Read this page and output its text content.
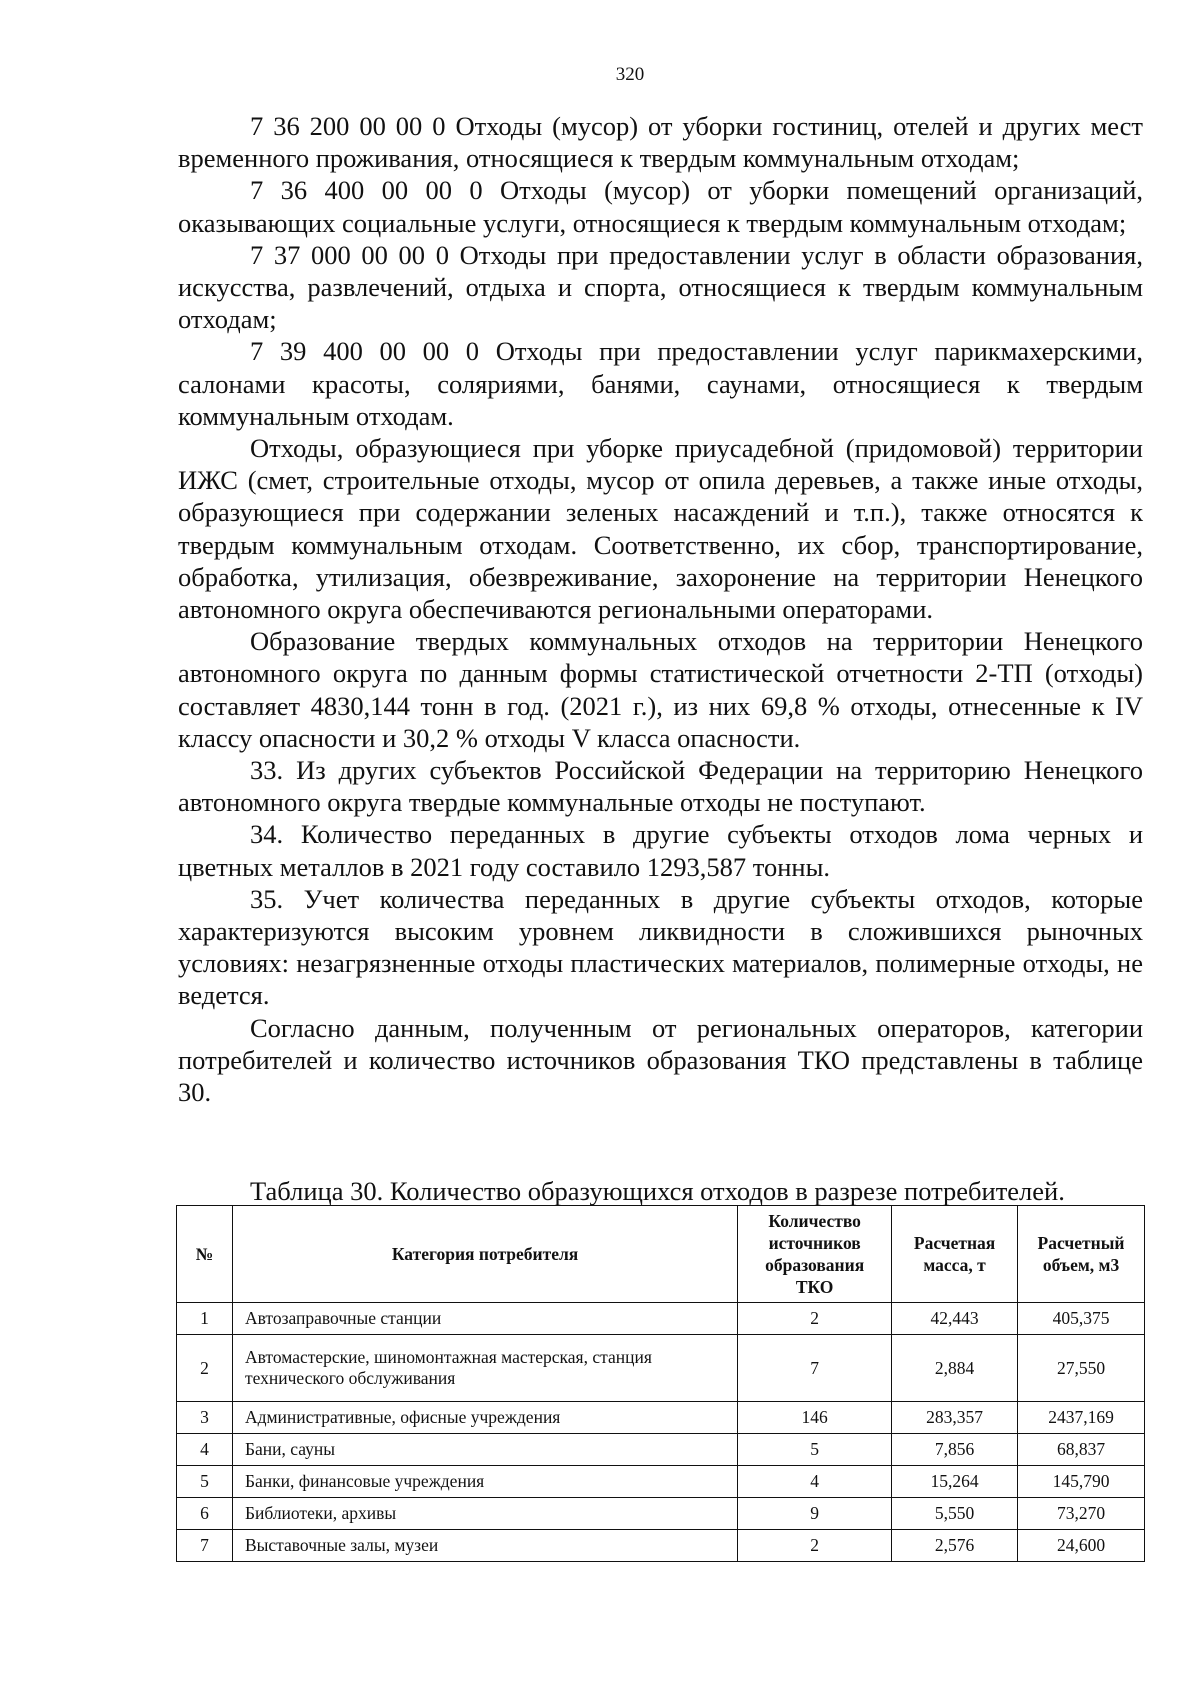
320

7 36 200 00 00 0 Отходы (мусор) от уборки гостиниц, отелей и других мест временного проживания, относящиеся к твердым коммунальным отходам;

7 36 400 00 00 0 Отходы (мусор) от уборки помещений организаций, оказывающих социальные услуги, относящиеся к твердым коммунальным отходам;

7 37 000 00 00 0 Отходы при предоставлении услуг в области образования, искусства, развлечений, отдыха и спорта, относящиеся к твердым коммунальным отходам;

7 39 400 00 00 0 Отходы при предоставлении услуг парикмахерскими, салонами красоты, соляриями, банями, саунами, относящиеся к твердым коммунальным отходам.

Отходы, образующиеся при уборке приусадебной (придомовой) территории ИЖС (смет, строительные отходы, мусор от опила деревьев, а также иные отходы, образующиеся при содержании зеленых насаждений и т.п.), также относятся к твердым коммунальным отходам. Соответственно, их сбор, транспортирование, обработка, утилизация, обезвреживание, захоронение на территории Ненецкого автономного округа обеспечиваются региональными операторами.

Образование твердых коммунальных отходов на территории Ненецкого автономного округа по данным формы статистической отчетности 2-ТП (отходы) составляет 4830,144 тонн в год. (2021 г.), из них 69,8 % отходы, отнесенные к IV классу опасности и 30,2 % отходы V класса опасности.

33. Из других субъектов Российской Федерации на территорию Ненецкого автономного округа твердые коммунальные отходы не поступают.

34. Количество переданных в другие субъекты отходов лома черных и цветных металлов в 2021 году составило 1293,587 тонны.

35. Учет количества переданных в другие субъекты отходов, которые характеризуются высоким уровнем ликвидности в сложившихся рыночных условиях: незагрязненные отходы пластических материалов, полимерные отходы, не ведется.

Согласно данным, полученным от региональных операторов, категории потребителей и количество источников образования ТКО представлены в таблице 30.

Таблица 30. Количество образующихся отходов в разрезе потребителей.

№	Категория потребителя	Количество источников образования ТКО	Расчетная масса, т	Расчетный объем, м3
1	Автозаправочные станции	2	42,443	405,375
2	Автомастерские, шиномонтажная мастерская, станция технического обслуживания	7	2,884	27,550
3	Административные, офисные учреждения	146	283,357	2437,169
4	Бани, сауны	5	7,856	68,837
5	Банки, финансовые учреждения	4	15,264	145,790
6	Библиотеки, архивы	9	5,550	73,270
7	Выставочные залы, музеи	2	2,576	24,600
